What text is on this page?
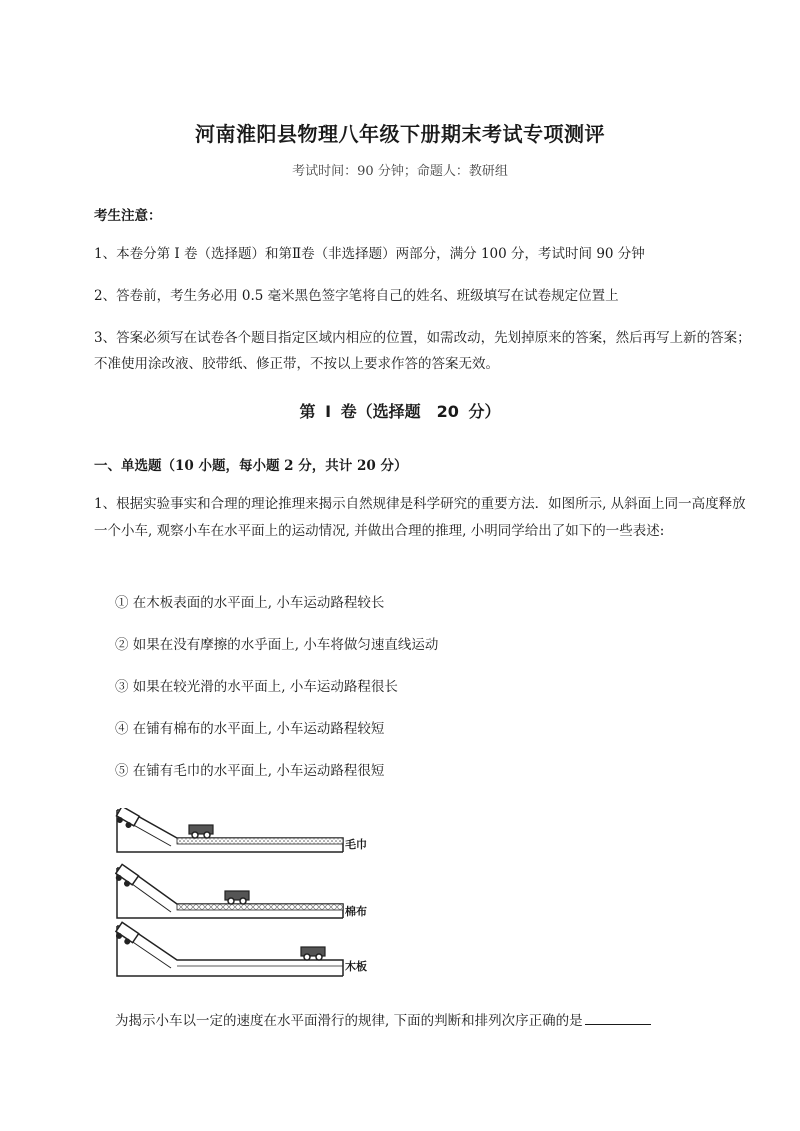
河南淮阳县物理八年级下册期末考试专项测评
考试时间：90 分钟；命题人：教研组
考生注意：
1、本卷分第 I 卷（选择题）和第Ⅱ卷（非选择题）两部分，满分 100 分，考试时间 90 分钟
2、答卷前，考生务必用 0.5 毫米黑色签字笔将自己的姓名、班级填写在试卷规定位置上
3、答案必须写在试卷各个题目指定区域内相应的位置，如需改动，先划掉原来的答案，然后再写上新的答案；不准使用涂改液、胶带纸、修正带，不按以上要求作答的答案无效。
第 I 卷（选择题　20 分）
一、单选题（10 小题，每小题 2 分，共计 20 分）
1、根据实验事实和合理的理论推理来揭示自然规律是科学研究的重要方法．如图所示, 从斜面上同一高度释放一个小车, 观察小车在水平面上的运动情况, 并做出合理的推理, 小明同学给出了如下的一些表述:
① 在木板表面的水平面上, 小车运动路程较长
② 如果在没有摩擦的水乎面上, 小车将做匀速直线运动
③ 如果在较光滑的水平面上, 小车运动路程很长
④ 在铺有棉布的水平面上, 小车运动路程较短
⑤ 在铺有毛巾的水平面上, 小车运动路程很短
毛巾
棉布
木板
为揭示小车以一定的速度在水平面滑行的规律, 下面的判断和排列次序正确的是
